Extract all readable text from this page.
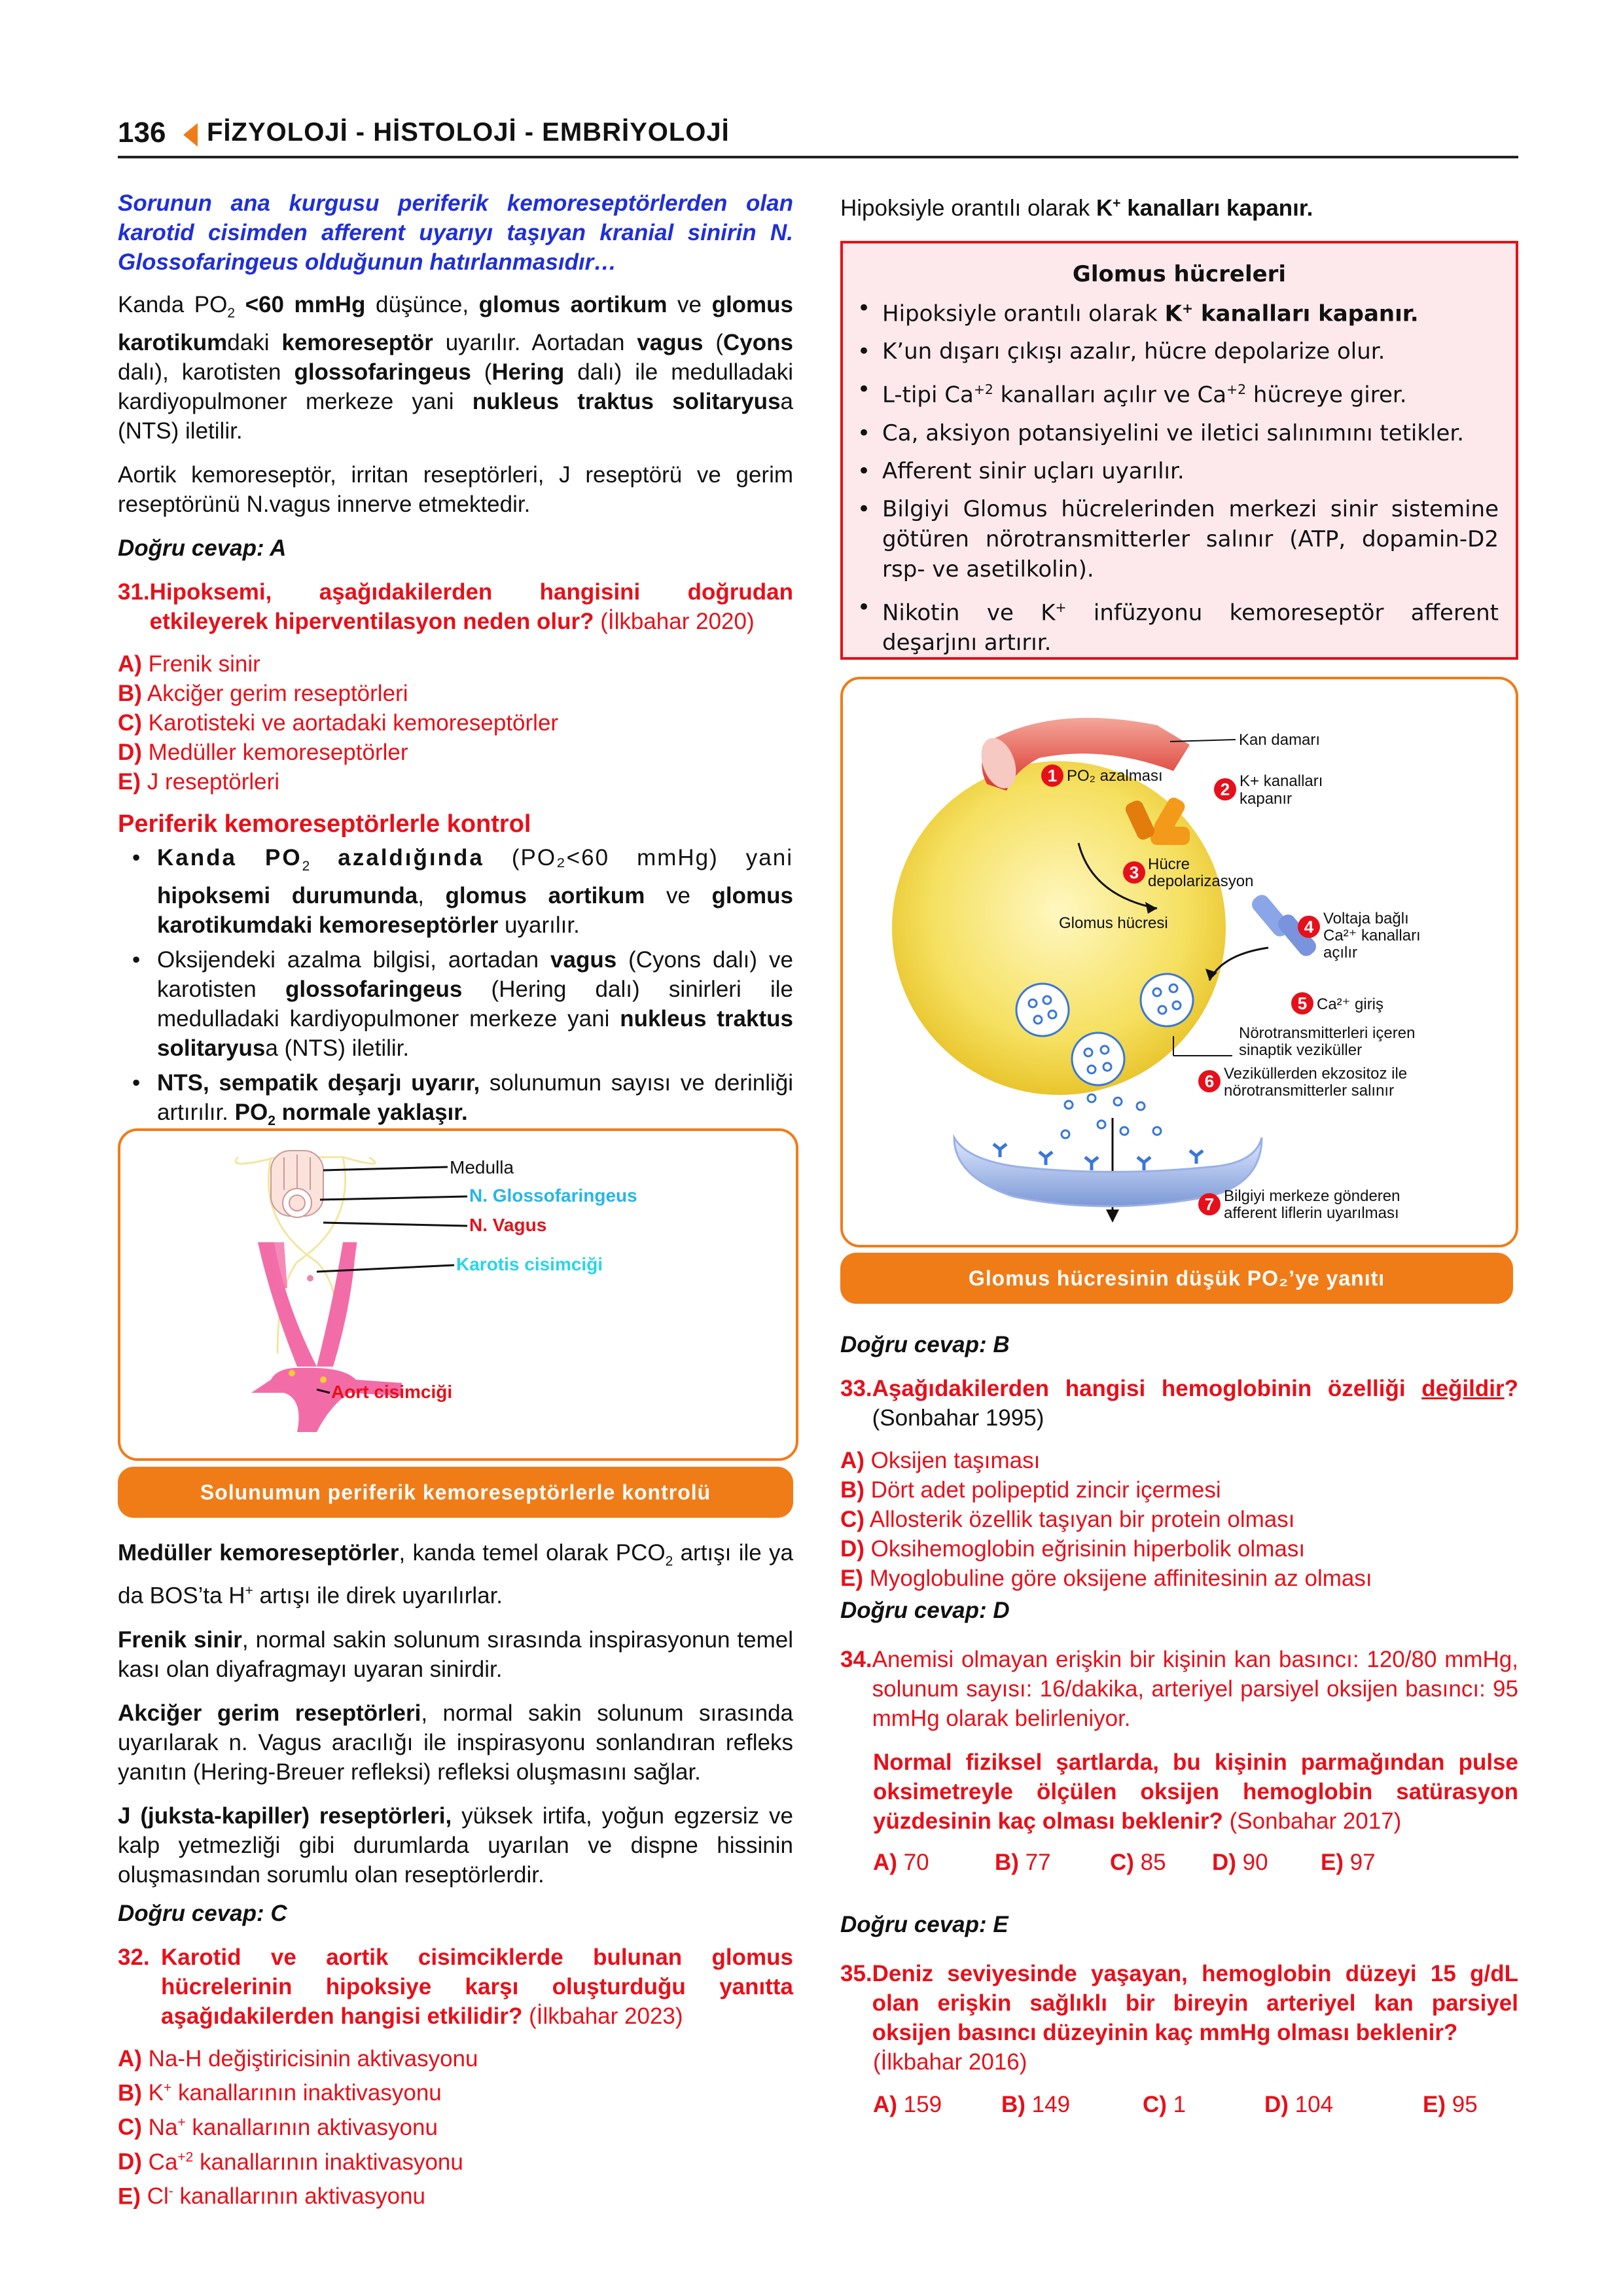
136 FİZYOLOJİ - HİSTOLOJİ - EMBRİYOLOJİ

Sorunun ana kurgusu periferik kemoreseptörlerden olan karotid cisimden afferent uyarıyı taşıyan kranial sinirin N. Glossofaringeus olduğunun hatırlanmasıdır…

Kanda $PO_2 <60$ mmHg düşünce, glomus aortikum ve glomus karotikumdaki kemoreseptör uyarılır. Aortadan vagus (Cyons dalı), karotisten glossofaringeus (Hering dalı) ile medulladaki kardiyopulmoner merkeze yani nukleus traktus solitaryusa (NTS) iletilir.

Aortik kemoreseptör, irritan reseptörleri, J reseptörü ve gerim reseptörünü N.vagus innerve etmektedir.

Doğru cevap: A

31. Hipoksemi, aşağıdakilerden hangisini doğrudan etkileyerek hiperventilasyon neden olur? (İlkbahar 2020)
A) Frenik sinir
B) Akciğer gerim reseptörleri
C) Karotisteki ve aortadaki kemoreseptörler
D) Medüller kemoreseptörler
E) J reseptörleri

Periferik kemoreseptörlerle kontrol

• Kanda $PO_2$ azaldığında (PO₂<60 mmHg) yani hipoksemi durumunda, glomus aortikum ve glomus karotikumdaki kemoreseptörler uyarılır.
• Oksijendeki azalma bilgisi, aortadan vagus (Cyons dalı) ve karotisten glossofaringeus (Hering dalı) sinirleri ile medulladaki kardiyopulmoner merkeze yani nukleus traktus solitaryusa (NTS) iletilir.
• NTS, sempatik deşarjı uyarır, solunumun sayısı ve derinliği artırılır. $PO_2$ normale yaklaşır.
Medulla
N. Glossofaringeus
N. Vagus
Karotis cisimciği
Aort cisimciği
Solunumun periferik kemoreseptörlerle kontrolü

Medüller kemoreseptörler, kanda temel olarak $PCO_2$ artışı ile ya da BOS’ta H+ artışı ile direk uyarılırlar.

Frenik sinir, normal sakin solunum sırasında inspirasyonun temel kası olan diyafragmayı uyaran sinirdir.

Akciğer gerim reseptörleri, normal sakin solunum sırasında uyarılarak n. Vagus aracılığı ile inspirasyonu sonlandıran refleks yanıtın (Hering-Breuer refleksi) refleksi oluşmasını sağlar.

J (juksta-kapiller) reseptörleri, yüksek irtifa, yoğun egzersiz ve kalp yetmezliği gibi durumlarda uyarılan ve dispne hissinin oluşmasından sorumlu olan reseptörlerdir.

Doğru cevap: C

32. Karotid ve aortik cisimciklerde bulunan glomus hücrelerinin hipoksiye karşı oluşturduğu yanıtta aşağıdakilerden hangisi etkilidir? (İlkbahar 2023)
A) Na-H değiştiricisinin aktivasyonu
B) K+ kanallarının inaktivasyonu
C) Na+ kanallarının aktivasyonu
D) $Ca^{+2}$ kanallarının inaktivasyonu
E) Cl- kanallarının aktivasyonu

Hipoksiyle orantılı olarak K+ kanalları kapanır.

Glomus hücreleri
• Hipoksiyle orantılı olarak K+ kanalları kapanır.
• K’un dışarı çıkışı azalır, hücre depolarize olur.
• L-tipi $Ca^{+2}$ kanalları açılır ve $Ca^{+2}$ hücreye girer.
• Ca, aksiyon potansiyelini ve iletici salınımını tetikler.
• Afferent sinir uçları uyarılır.
• Bilgiyi Glomus hücrelerinden merkezi sinir sistemine götüren nörotransmitterler salınır (ATP, dopamin-D2 rsp- ve asetilkolin).
• Nikotin ve K+ infüzyonu kemoreseptör afferent deşarjını artırır.
1
2
3
4
5
6
7
Kan damarı
PO₂ azalması	K+ kanalları
kapanır
Hücre
depolarizasyon
Glomus hücresi	Voltaja bağlı
Ca²⁺ kanalları
açılır
Ca²⁺ giriş
Nörotransmitterleri içeren
sinaptik veziküller
Veziküllerden ekzositoz ile
nörotransmitterler salınır
Bilgiyi merkeze gönderen
afferent liflerin uyarılması
Glomus hücresinin düşük PO₂’ye yanıtı

Doğru cevap: B

33. Aşağıdakilerden hangisi hemoglobinin özelliği değildir? (Sonbahar 1995)
A) Oksijen taşıması
B) Dört adet polipeptid zincir içermesi
C) Allosterik özellik taşıyan bir protein olması
D) Oksihemoglobin eğrisinin hiperbolik olması
E) Myoglobuline göre oksijene affinitesinin az olması

Doğru cevap: D

34. Anemisi olmayan erişkin bir kişinin kan basıncı: 120/80 mmHg, solunum sayısı: 16/dakika, arteriyel parsiyel oksijen basıncı: 95 mmHg olarak belirleniyor.

Normal fiziksel şartlarda, bu kişinin parmağından pulse oksimetreyle ölçülen oksijen hemoglobin satürasyon yüzdesinin kaç olması beklenir? (Sonbahar 2017)

A) 70	B) 77	C) 85	D) 90	E) 97

Doğru cevap: E

35. Deniz seviyesinde yaşayan, hemoglobin düzeyi 15 g/dL olan erişkin sağlıklı bir bireyin arteriyel kan parsiyel oksijen basıncı düzeyinin kaç mmHg olması beklenir?

(İlkbahar 2016)

A) 159	B) 149	C) 1	D) 104	E) 95
